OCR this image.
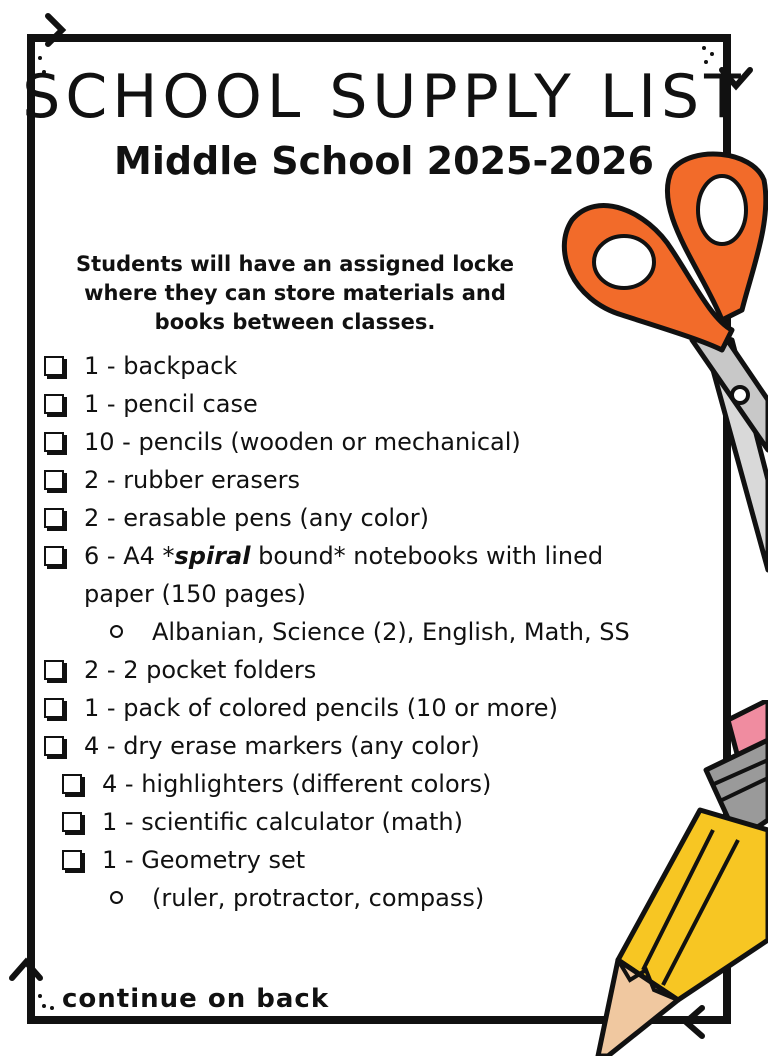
SCHOOL SUPPLY LIST
Middle School 2025-2026

Students will have an assigned locke
where they can store materials and
books between classes.

1 - backpack
1 - pencil case
10 - pencils (wooden or mechanical)
2 - rubber erasers
2 - erasable pens (any color)
6 - A4 *spiral bound* notebooks with lined
paper (150 pages)
Albanian, Science (2), English, Math, SS
2 - 2 pocket folders
1 - pack of colored pencils (10 or more)
4 - dry erase markers (any color)
4 - highlighters (different colors)
1 - scientific calculator (math)
1 - Geometry set
(ruler, protractor, compass)

continue on back
